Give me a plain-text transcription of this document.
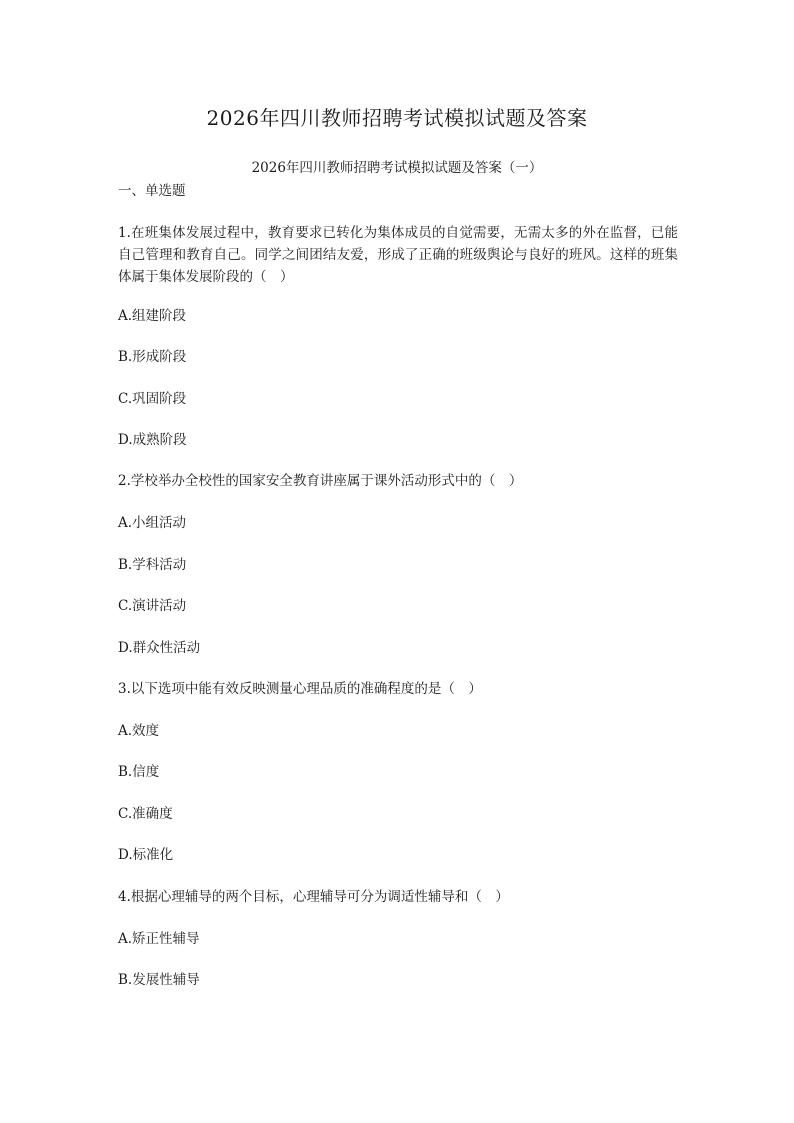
2026年四川教师招聘考试模拟试题及答案
2026年四川教师招聘考试模拟试题及答案（一）
一、单选题
1.在班集体发展过程中，教育要求已转化为集体成员的自觉需要，无需太多的外在监督，已能自己管理和教育自己。同学之间团结友爱，形成了正确的班级舆论与良好的班风。这样的班集体属于集体发展阶段的（　）
A.组建阶段
B.形成阶段
C.巩固阶段
D.成熟阶段
2.学校举办全校性的国家安全教育讲座属于课外活动形式中的（　）
A.小组活动
B.学科活动
C.演讲活动
D.群众性活动
3.以下选项中能有效反映测量心理品质的准确程度的是（　）
A.效度
B.信度
C.准确度
D.标准化
4.根据心理辅导的两个目标，心理辅导可分为调适性辅导和（　）
A.矫正性辅导
B.发展性辅导
